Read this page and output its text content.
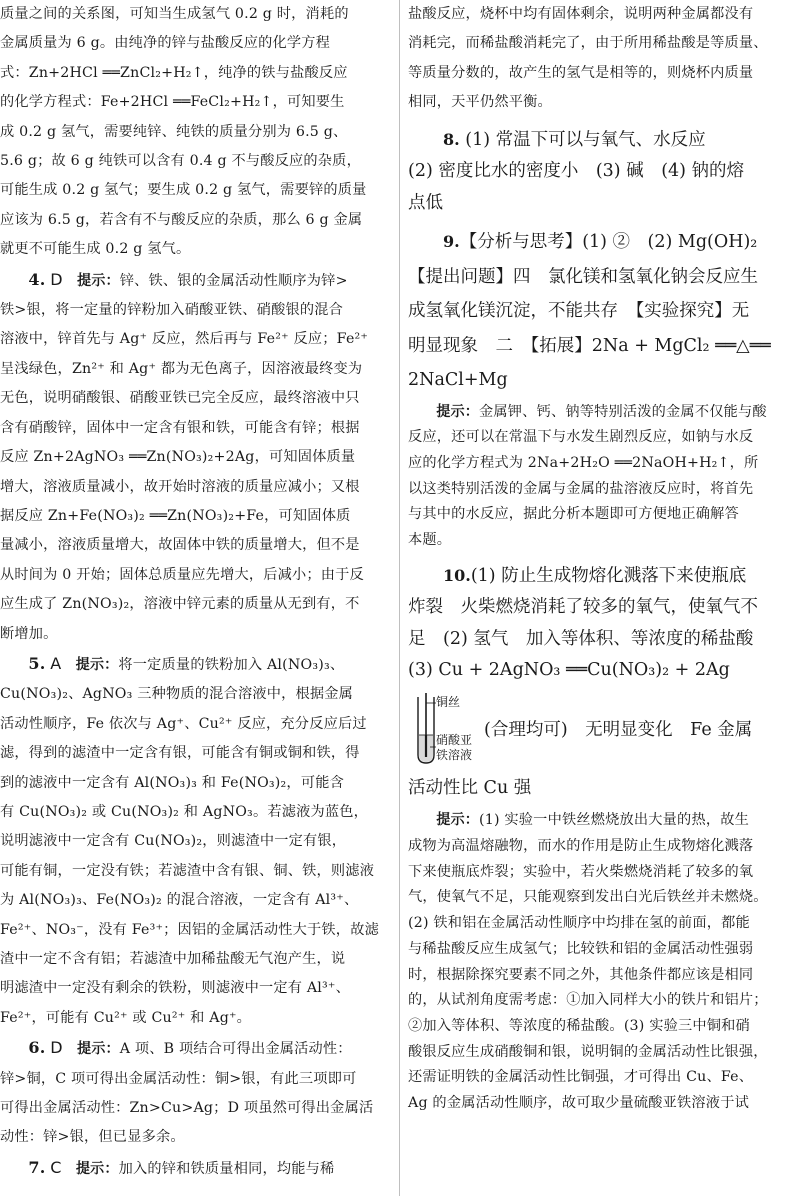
质量之间的关系图，可知当生成氢气 0.2 g 时，消耗的

金属质量为 6 g。由纯净的锌与盐酸反应的化学方程

式：Zn+2HCl ══ZnCl₂+H₂↑，纯净的铁与盐酸反应

的化学方程式：Fe+2HCl ══FeCl₂+H₂↑，可知要生

成 0.2 g 氢气，需要纯锌、纯铁的质量分别为 6.5 g、

5.6 g；故 6 g 纯铁可以含有 0.4 g 不与酸反应的杂质，

可能生成 0.2 g 氢气；要生成 0.2 g 氢气，需要锌的质量

应该为 6.5 g，若含有不与酸反应的杂质，那么 6 g 金属

就更不可能生成 0.2 g 氢气。

4. D　 提示：锌、铁、银的金属活动性顺序为锌>

铁>银，将一定量的锌粉加入硝酸亚铁、硝酸银的混合

溶液中，锌首先与 Ag⁺ 反应，然后再与 Fe²⁺ 反应；Fe²⁺

呈浅绿色，Zn²⁺ 和 Ag⁺ 都为无色离子，因溶液最终变为

无色，说明硝酸银、硝酸亚铁已完全反应，最终溶液中只

含有硝酸锌，固体中一定含有银和铁，可能含有锌；根据

反应 Zn+2AgNO₃ ══Zn(NO₃)₂+2Ag，可知固体质量

增大，溶液质量减小，故开始时溶液的质量应减小；又根

据反应 Zn+Fe(NO₃)₂ ══Zn(NO₃)₂+Fe，可知固体质

量减小，溶液质量增大，故固体中铁的质量增大，但不是

从时间为 0 开始；固体总质量应先增大，后减小；由于反

应生成了 Zn(NO₃)₂，溶液中锌元素的质量从无到有，不

断增加。

5. A　 提示：将一定质量的铁粉加入 Al(NO₃)₃、

Cu(NO₃)₂、AgNO₃ 三种物质的混合溶液中，根据金属

活动性顺序，Fe 依次与 Ag⁺、Cu²⁺ 反应，充分反应后过

滤，得到的滤渣中一定含有银，可能含有铜或铜和铁，得

到的滤液中一定含有 Al(NO₃)₃ 和 Fe(NO₃)₂，可能含

有 Cu(NO₃)₂ 或 Cu(NO₃)₂ 和 AgNO₃。若滤液为蓝色，

说明滤液中一定含有 Cu(NO₃)₂，则滤渣中一定有银，

可能有铜，一定没有铁；若滤渣中含有银、铜、铁，则滤液

为 Al(NO₃)₃、Fe(NO₃)₂ 的混合溶液，一定含有 Al³⁺、

Fe²⁺、NO₃⁻，没有 Fe³⁺；因铝的金属活动性大于铁，故滤

渣中一定不含有铝；若滤渣中加稀盐酸无气泡产生，说

明滤渣中一定没有剩余的铁粉，则滤液中一定有 Al³⁺、

Fe²⁺，可能有 Cu²⁺ 或 Cu²⁺ 和 Ag⁺。

6. D　 提示：A 项、B 项结合可得出金属活动性：

锌>铜，C 项可得出金属活动性：铜>银，有此三项即可

可得出金属活动性：Zn>Cu>Ag；D 项虽然可得出金属活

动性：锌>银，但已显多余。

7. C　 提示：加入的锌和铁质量相同，均能与稀

盐酸反应，烧杯中均有固体剩余，说明两种金属都没有

消耗完，而稀盐酸消耗完了，由于所用稀盐酸是等质量、

等质量分数的，故产生的氢气是相等的，则烧杯内质量

相同，天平仍然平衡。

8. (1) 常温下可以与氧气、水反应

(2) 密度比水的密度小　(3) 碱　(4) 钠的熔

点低

9.【分析与思考】(1) ②　(2) Mg(OH)₂

【提出问题】四　氯化镁和氢氧化钠会反应生

成氢氧化镁沉淀，不能共存　【实验探究】无

明显现象　二　【拓展】2Na + MgCl₂ ══△══

2NaCl+Mg

提示：金属钾、钙、钠等特别活泼的金属不仅能与酸

反应，还可以在常温下与水发生剧烈反应，如钠与水反

应的化学方程式为 2Na+2H₂O ══2NaOH+H₂↑，所

以这类特别活泼的金属与金属的盐溶液反应时，将首先

与其中的水反应，据此分析本题即可方便地正确解答

本题。

10.(1) 防止生成物熔化溅落下来使瓶底

炸裂　火柴燃烧消耗了较多的氧气，使氧气不

足　(2) 氢气　加入等体积、等浓度的稀盐酸

(3) Cu + 2AgNO₃ ══Cu(NO₃)₂ + 2Ag

铜丝
硝酸亚
铁溶液
(合理均可)　无明显变化　Fe 金属

活动性比 Cu 强

提示：(1) 实验一中铁丝燃烧放出大量的热，故生

成物为高温熔融物，而水的作用是防止生成物熔化溅落

下来使瓶底炸裂；实验中，若火柴燃烧消耗了较多的氧

气，使氧气不足，只能观察到发出白光后铁丝并未燃烧。

(2) 铁和铝在金属活动性顺序中均排在氢的前面，都能

与稀盐酸反应生成氢气；比较铁和铝的金属活动性强弱

时，根据除探究要素不同之外，其他条件都应该是相同

的，从试剂角度需考虑：①加入同样大小的铁片和铝片；

②加入等体积、等浓度的稀盐酸。(3) 实验三中铜和硝

酸银反应生成硝酸铜和银，说明铜的金属活动性比银强，

还需证明铁的金属活动性比铜强，才可得出 Cu、Fe、

Ag 的金属活动性顺序，故可取少量硫酸亚铁溶液于试
